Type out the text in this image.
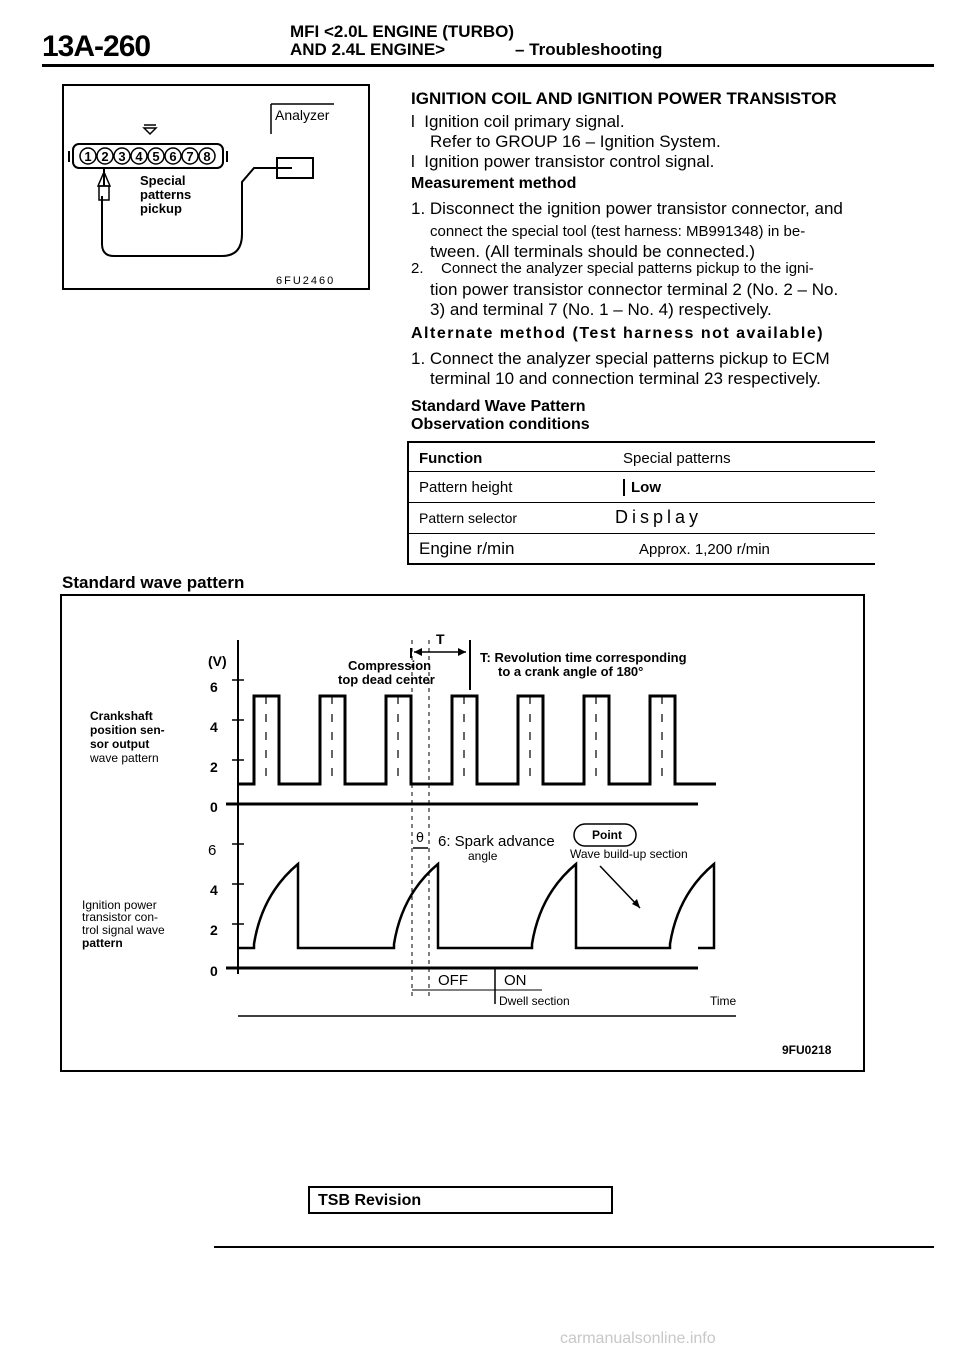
13A-260	MFI <2.0L ENGINE (TURBO)
AND 2.4L ENGINE>	– Troubleshooting
1 2 3 4 5 6 7 8
Special
patterns
pickup
Analyzer
6FU2460
IGNITION COIL AND IGNITION POWER TRANSISTOR
l  Ignition coil primary signal.
Refer to GROUP 16 – Ignition System.
l  Ignition power transistor control signal.
Measurement method
1. Disconnect the ignition power transistor connector, and
connect the special tool (test harness: MB991348) in be-
tween. (All terminals should be connected.)
2. Connect the analyzer special patterns pickup to the igni-
tion power transistor connector terminal 2 (No. 2 – No.
3) and terminal 7 (No. 1 – No. 4) respectively.
Alternate method (Test harness not available)
1. Connect the analyzer special patterns pickup to ECM
terminal 10 and connection terminal 23 respectively.
Standard Wave Pattern
Observation conditions
Function	Special patterns
Pattern height	Low
Pattern selector	Display
Engine r/min	Approx. 1,200 r/min
Standard wave pattern
(V)
6
4
2
0
6
4
2
0
Crankshaft
position sen-
sor output
wave pattern
Ignition power
transistor con-
trol signal wave
pattern
T
T: Revolution time corresponding
to a crank angle of 180°
Compression
top dead center
θ 6: Spark advance
angle
Point
Wave build-up section
OFF ON
Dwell section	Time
9FU0218
TSB Revision
carmanualsonline.info
